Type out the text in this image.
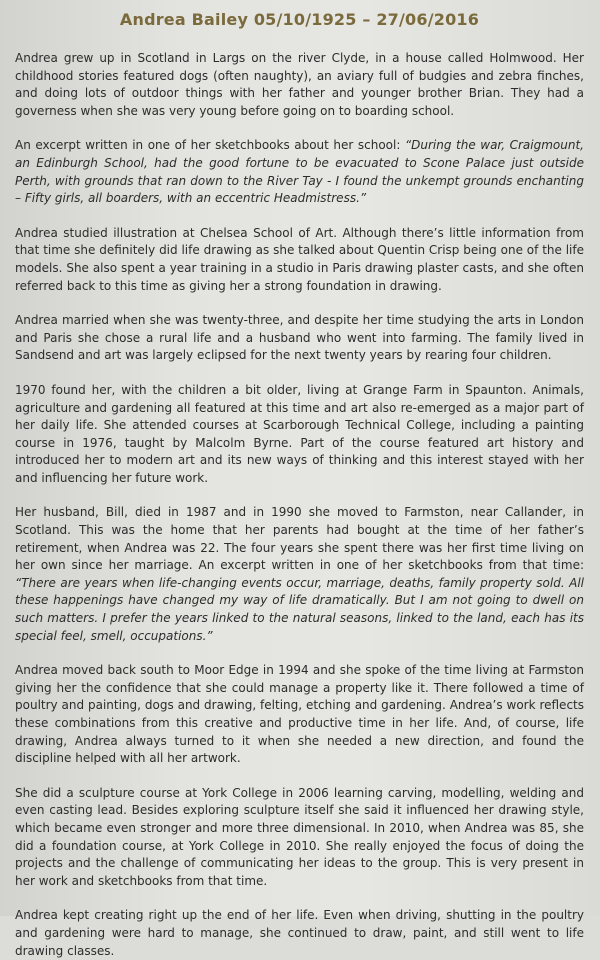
Andrea Bailey 05/10/1925 – 27/06/2016

Andrea grew up in Scotland in Largs on the river Clyde, in a house called Holmwood. Her childhood stories featured dogs (often naughty), an aviary full of budgies and zebra finches, and doing lots of outdoor things with her father and younger brother Brian. They had a governess when she was very young before going on to boarding school.

An excerpt written in one of her sketchbooks about her school: “During the war, Craigmount, an Edinburgh School, had the good fortune to be evacuated to Scone Palace just outside Perth, with grounds that ran down to the River Tay - I found the unkempt grounds enchanting – Fifty girls, all boarders, with an eccentric Headmistress.”

Andrea studied illustration at Chelsea School of Art. Although there’s little information from that time she definitely did life drawing as she talked about Quentin Crisp being one of the life models. She also spent a year training in a studio in Paris drawing plaster casts, and she often referred back to this time as giving her a strong foundation in drawing.

Andrea married when she was twenty-three, and despite her time studying the arts in London and Paris she chose a rural life and a husband who went into farming. The family lived in Sandsend and art was largely eclipsed for the next twenty years by rearing four children.

1970 found her, with the children a bit older, living at Grange Farm in Spaunton. Animals, agriculture and gardening all featured at this time and art also re-emerged as a major part of her daily life. She attended courses at Scarborough Technical College, including a painting course in 1976, taught by Malcolm Byrne. Part of the course featured art history and introduced her to modern art and its new ways of thinking and this interest stayed with her and influencing her future work.

Her husband, Bill, died in 1987 and in 1990 she moved to Farmston, near Callander, in Scotland. This was the home that her parents had bought at the time of her father’s retirement, when Andrea was 22. The four years she spent there was her first time living on her own since her marriage. An excerpt written in one of her sketchbooks from that time: “There are years when life-changing events occur, marriage, deaths, family property sold. All these happenings have changed my way of life dramatically. But I am not going to dwell on such matters. I prefer the years linked to the natural seasons, linked to the land, each has its special feel, smell, occupations.”

Andrea moved back south to Moor Edge in 1994 and she spoke of the time living at Farmston giving her the confidence that she could manage a property like it. There followed a time of poultry and painting, dogs and drawing, felting, etching and gardening. Andrea’s work reflects these combinations from this creative and productive time in her life. And, of course, life drawing, Andrea always turned to it when she needed a new direction, and found the discipline helped with all her artwork.

She did a sculpture course at York College in 2006 learning carving, modelling, welding and even casting lead. Besides exploring sculpture itself she said it influenced her drawing style, which became even stronger and more three dimensional. In 2010, when Andrea was 85, she did a foundation course, at York College in 2010. She really enjoyed the focus of doing the projects and the challenge of communicating her ideas to the group. This is very present in her work and sketchbooks from that time.

Andrea kept creating right up the end of her life. Even when driving, shutting in the poultry and gardening were hard to manage, she continued to draw, paint, and still went to life drawing classes.
